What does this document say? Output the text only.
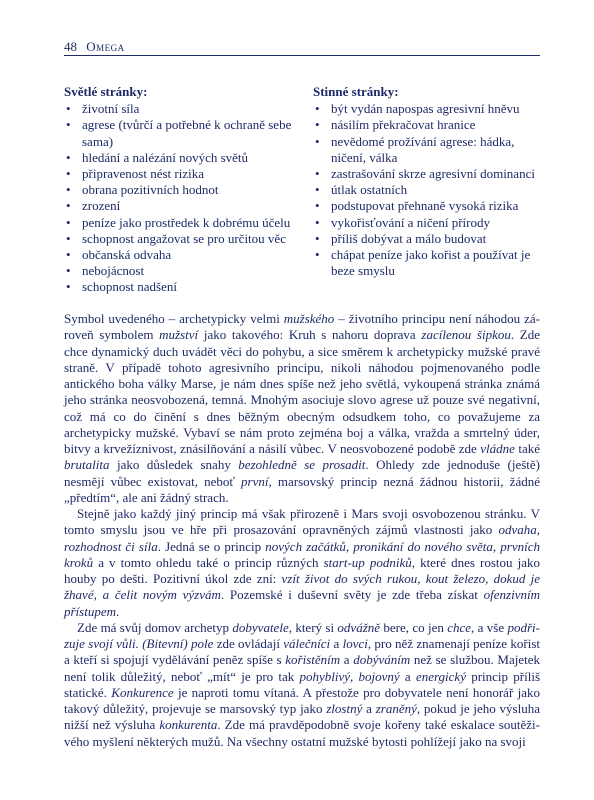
48 Omega
Světlé stránky:
• životní síla
• agrese (tvůrčí a potřebné k ochraně sebe sama)
• hledání a nalézání nových světů
• připravenost nést rizika
• obrana pozitivních hodnot
• zrození
• peníze jako prostředek k dobrému účelu
• schopnost angažovat se pro určitou věc
• občanská odvaha
• nebojácnost
• schopnost nadšení
Stinné stránky:
• být vydán napospas agresivní hněvu
• násilím překračovat hranice
• nevědomé prožívání agrese: hádka, ničení, válka
• zastrašování skrze agresivní dominanci
• útlak ostatních
• podstupovat přehnaně vysoká rizika
• vykořisťování a ničení přírody
• příliš dobývat a málo budovat
• chápat peníze jako kořist a používat je beze smyslu

Symbol uvedeného – archetypicky velmi mužského – životního principu není náhodou zároveň symbolem mužství jako takového: Kruh s nahoru doprava zacílenou šipkou. Zde chce dynamický duch uvádět věci do pohybu, a sice směrem k archetypicky mužské pravé straně. V případě tohoto agresivního principu, nikoli náhodou pojmenovaného podle antického boha války Marse, je nám dnes spíše než jeho světlá, vykoupená stránka známá jeho stránka neosvobozená, temná. Mnohým asociuje slovo agrese už pouze své negativní, což má co do činění s dnes běžným obecným odsudkem toho, co považujeme za archetypicky mužské. Vybaví se nám proto zejména boj a válka, vražda a smrtelný úder, bitvy a krvežíznivost, znásilňování a násilí vůbec. V neosvobozené podobě zde vládne také brutalita jako důsledek snahy bezohledně se prosadit. Ohledy zde jednoduše (ještě) nesmějí vůbec existovat, neboť první, marsovský princip nezná žádnou historii, žádné „předtím“, ale ani žádný strach.

Stejně jako každý jiný princip má však přirozeně i Mars svoji osvobozenou stránku. V tomto smyslu jsou ve hře při prosazování opravněných zájmů vlastnosti jako odvaha, rozhodnost či síla. Jedná se o princip nových začátků, pronikání do nového světa, prvních kroků a v tomto ohledu také o princip různých start-up podniků, které dnes rostou jako houby po dešti. Pozitivní úkol zde zní: vzít život do svých rukou, kout železo, dokud je žhavé, a čelit novým výzvám. Pozemské i duševní světy je zde třeba získat ofenzivním přístupem.

Zde má svůj domov archetyp dobyvatele, který si odvážně bere, co jen chce, a vše podřizuje svojí vůli. (Bitevní) pole zde ovládají válečníci a lovci, pro něž znamenají peníze kořist a kteří si spojují vydělávání peněz spíše s kořistěním a dobýváním než se službou. Majetek není tolik důležitý, neboť „mít“ je pro tak pohyblivý, bojovný a energický princip příliš statické. Konkurence je naproti tomu vítaná. A přestože pro dobyvatele není honorář jako takový důležitý, projevuje se marsovský typ jako zlostný a zraněný, pokud je jeho výsluha nižší než výsluha konkurenta. Zde má pravděpodobně svoje kořeny také eskalace soutěživého myšlení některých mužů. Na všechny ostatní mužské bytosti pohlížejí jako na svoji
